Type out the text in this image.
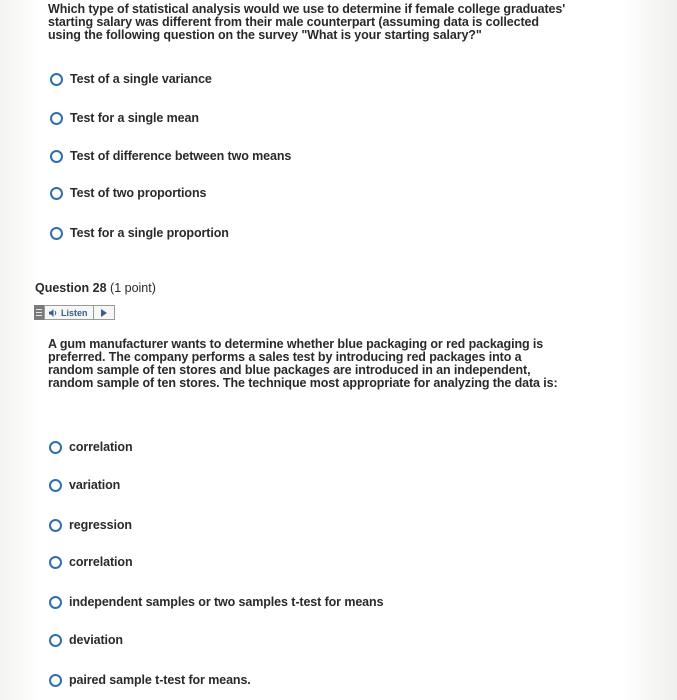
Which type of statistical analysis would we use to determine if female college graduates' starting salary was different from their male counterpart (assuming data is collected using the following question on the survey "What is your starting salary?"
Test of a single variance
Test for a single mean
Test of difference between two means
Test of two proportions
Test for a single proportion
Question 28 (1 point)
Listen
A gum manufacturer wants to determine whether blue packaging or red packaging is preferred. The company performs a sales test by introducing red packages into a random sample of ten stores and blue packages are introduced in an independent, random sample of ten stores. The technique most appropriate for analyzing the data is:
correlation
variation
regression
correlation
independent samples or two samples t-test for means
deviation
paired sample t-test for means.
